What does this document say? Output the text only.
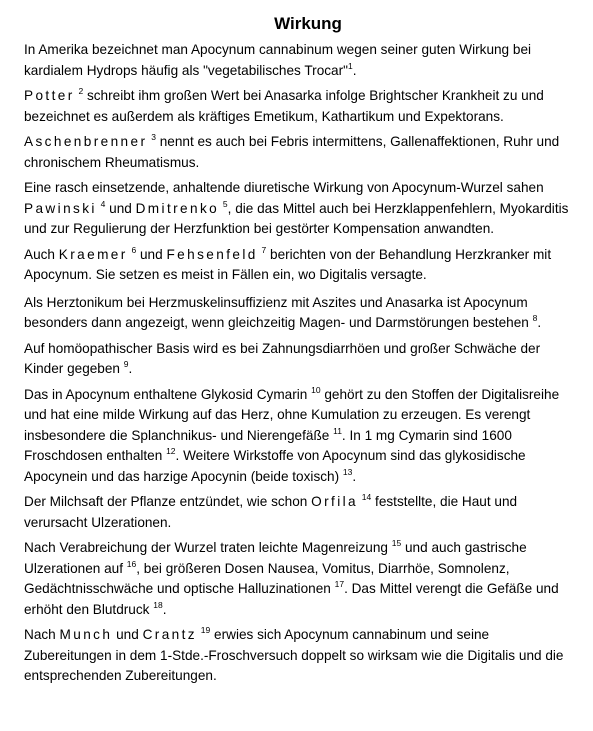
Wirkung

In Amerika bezeichnet man Apocynum cannabinum wegen seiner guten Wirkung bei kardialem Hydrops häufig als "vegetabilisches Trocar"$^1$.

Potter $^2$ schreibt ihm großen Wert bei Anasarka infolge Brightscher Krankheit zu und bezeichnet es außerdem als kräftiges Emetikum, Kathartikum und Expektorans.

Aschenbrenner $^3$ nennt es auch bei Febris intermittens, Gallenaffektionen, Ruhr und chronischem Rheumatismus.

Eine rasch einsetzende, anhaltende diuretische Wirkung von Apocynum-Wurzel sahen Pawinski $^4$ und Dmitrenko $^5$, die das Mittel auch bei Herzklappenfehlern, Myokarditis und zur Regulierung der Herzfunktion bei gestörter Kompensation anwandten.

Auch Kraemer $^6$ und Fehsenfeld $^7$ berichten von der Behandlung Herzkranker mit Apocynum. Sie setzen es meist in Fällen ein, wo Digitalis versagte.

Als Herztonikum bei Herzmuskelinsuffizienz mit Aszites und Anasarka ist Apocynum besonders dann angezeigt, wenn gleichzeitig Magen- und Darmstörungen bestehen $^8$.

Auf homöopathischer Basis wird es bei Zahnungsdiarrhöen und großer Schwäche der Kinder gegeben $^9$.

Das in Apocynum enthaltene Glykosid Cymarin $^{10}$ gehört zu den Stoffen der Digitalisreihe und hat eine milde Wirkung auf das Herz, ohne Kumulation zu erzeugen. Es verengt insbesondere die Splanchnikus- und Nierengefäße $^{11}$. In 1 mg Cymarin sind 1600 Froschdosen enthalten $^{12}$. Weitere Wirkstoffe von Apocynum sind das glykosidische Apocynein und das harzige Apocynin (beide toxisch) $^{13}$.

Der Milchsaft der Pflanze entzündet, wie schon Orfila $^{14}$ feststellte, die Haut und verursacht Ulzerationen.

Nach Verabreichung der Wurzel traten leichte Magenreizung $^{15}$ und auch gastrische Ulzerationen auf $^{16}$, bei größeren Dosen Nausea, Vomitus, Diarrhöe, Somnolenz, Gedächtnisschwäche und optische Halluzinationen $^{17}$. Das Mittel verengt die Gefäße und erhöht den Blutdruck $^{18}$.

Nach Munch und Crantz $^{19}$ erwies sich Apocynum cannabinum und seine Zubereitungen in dem 1-Stde.-Froschversuch doppelt so wirksam wie die Digitalis und die entsprechenden Zubereitungen.
